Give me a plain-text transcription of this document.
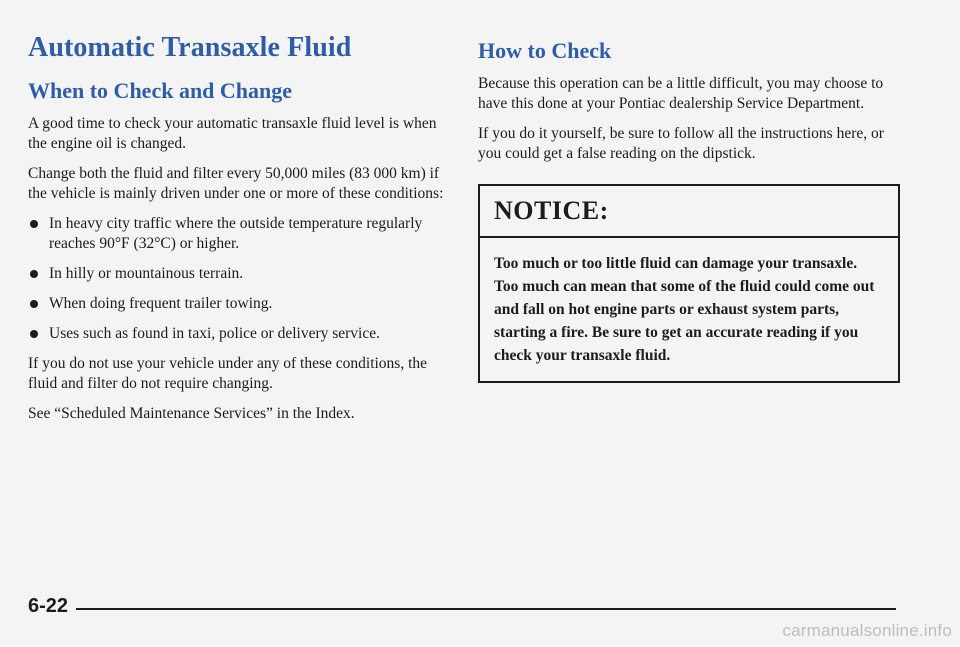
Automatic Transaxle Fluid
When to Check and Change

A good time to check your automatic transaxle fluid level is when the engine oil is changed.

Change both the fluid and filter every 50,000 miles (83 000 km) if the vehicle is mainly driven under one or more of these conditions:

In heavy city traffic where the outside temperature regularly reaches 90°F (32°C) or higher.
In hilly or mountainous terrain.
When doing frequent trailer towing.
Uses such as found in taxi, police or delivery service.

If you do not use your vehicle under any of these conditions, the fluid and filter do not require changing.

See “Scheduled Maintenance Services” in the Index.

How to Check

Because this operation can be a little difficult, you may choose to have this done at your Pontiac dealership Service Department.

If you do it yourself, be sure to follow all the instructions here, or you could get a false reading on the dipstick.

NOTICE:
Too much or too little fluid can damage your transaxle. Too much can mean that some of the fluid could come out and fall on hot engine parts or exhaust system parts, starting a fire. Be sure to get an accurate reading if you check your transaxle fluid.
6-22
carmanualsonline.info
